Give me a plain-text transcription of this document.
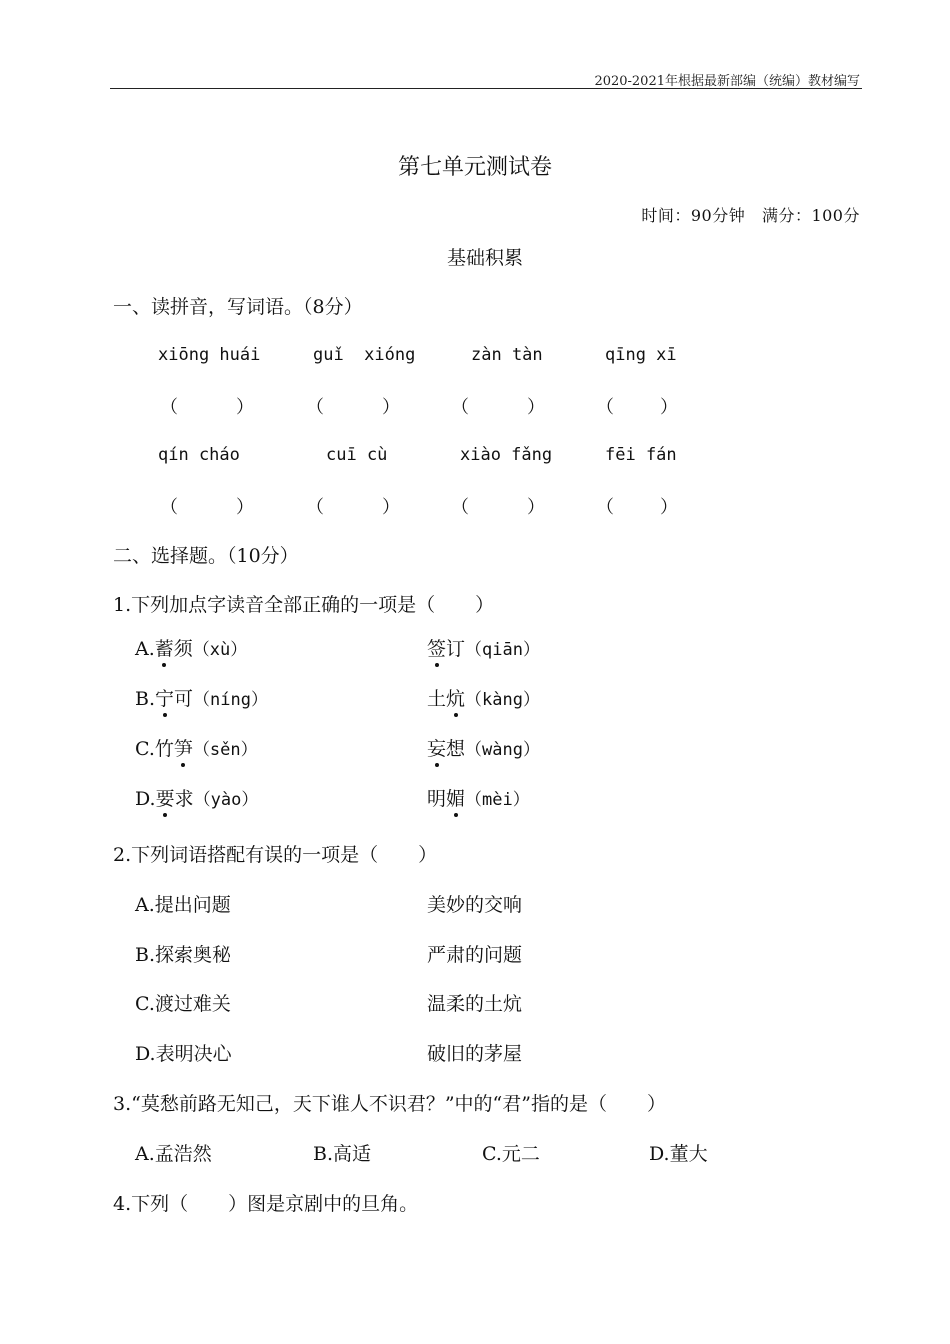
2020-2021年根据最新部编（统编）教材编写
第七单元测试卷
时间：90分钟   满分：100分
基础积累
一、读拼音，写词语。（8分）
xiōng huái	guǐ  xióng	zàn tàn	qīng xī
（	）	（	）	（	）	（	）
qín cháo	cuī cù	xiào fǎng	fēi fán
（	）	（	）	（	）	（	）
二、选择题。（10分）
1.下列加点字读音全部正确的一项是（ ）
A.蓄须（xù）	签订（qiān）
B.宁可（níng）	土炕（kàng）
C.竹笋（sěn）	妄想（wàng）
D.要求（yào）	明媚（mèi）
2.下列词语搭配有误的一项是（ ）
A.提出问题	美妙的交响
B.探索奥秘	严肃的问题
C.渡过难关	温柔的土炕
D.表明决心	破旧的茅屋
3.“莫愁前路无知己，天下谁人不识君？”中的“君”指的是（ ）
A.孟浩然	B.高适	C.元二	D.董大
4.下列（ ）图是京剧中的旦角。
